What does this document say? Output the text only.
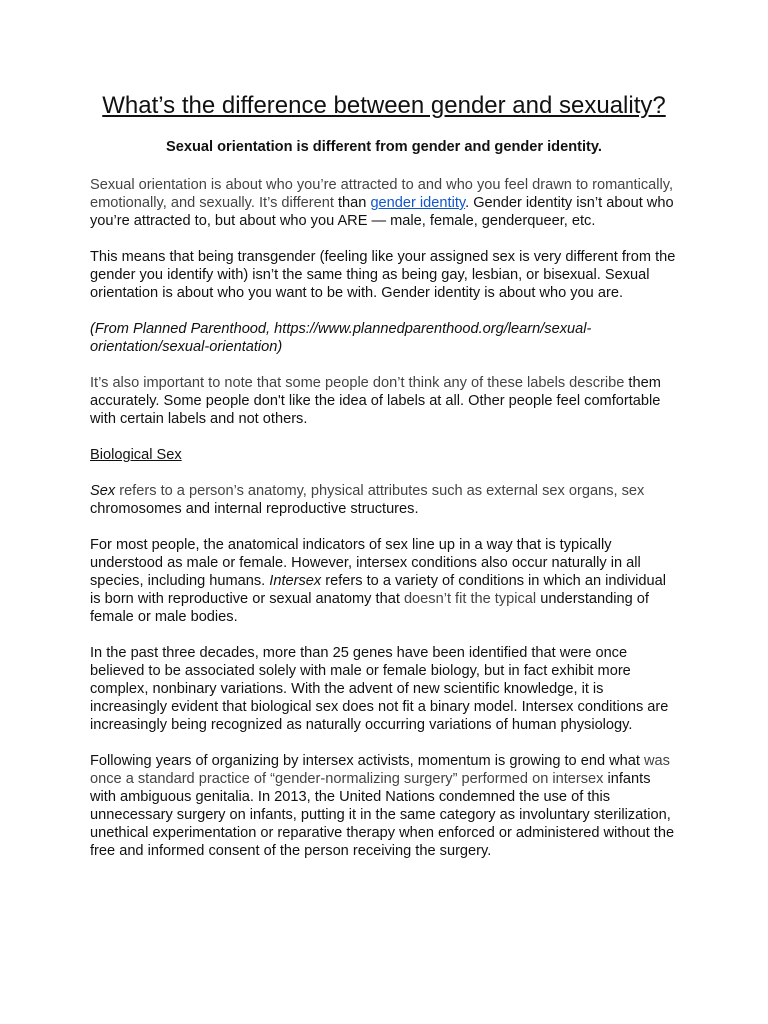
What’s the difference between gender and sexuality?
Sexual orientation is different from gender and gender identity.

Sexual orientation is about who you’re attracted to and who you feel drawn to romantically, emotionally, and sexually. It’s different than gender identity. Gender identity isn’t about who you’re attracted to, but about who you ARE — male, female, genderqueer, etc.

This means that being transgender (feeling like your assigned sex is very different from the gender you identify with) isn’t the same thing as being gay, lesbian, or bisexual. Sexual orientation is about who you want to be with. Gender identity is about who you are.

(From Planned Parenthood, https://www.plannedparenthood.org/learn/sexual-orientation/sexual-orientation)

It’s also important to note that some people don’t think any of these labels describe them accurately. Some people don't like the idea of labels at all. Other people feel comfortable with certain labels and not others.

Biological Sex

Sex refers to a person’s anatomy, physical attributes such as external sex organs, sex chromosomes and internal reproductive structures.

For most people, the anatomical indicators of sex line up in a way that is typically understood as male or female. However, intersex conditions also occur naturally in all species, including humans. Intersex refers to a variety of conditions in which an individual is born with reproductive or sexual anatomy that doesn’t fit the typical understanding of female or male bodies.

In the past three decades, more than 25 genes have been identified that were once believed to be associated solely with male or female biology, but in fact exhibit more complex, nonbinary variations. With the advent of new scientific knowledge, it is increasingly evident that biological sex does not fit a binary model. Intersex conditions are increasingly being recognized as naturally occurring variations of human physiology.

Following years of organizing by intersex activists, momentum is growing to end what was once a standard practice of “gender-normalizing surgery” performed on intersex infants with ambiguous genitalia. In 2013, the United Nations condemned the use of this unnecessary surgery on infants, putting it in the same category as involuntary sterilization, unethical experimentation or reparative therapy when enforced or administered without the free and informed consent of the person receiving the surgery.
